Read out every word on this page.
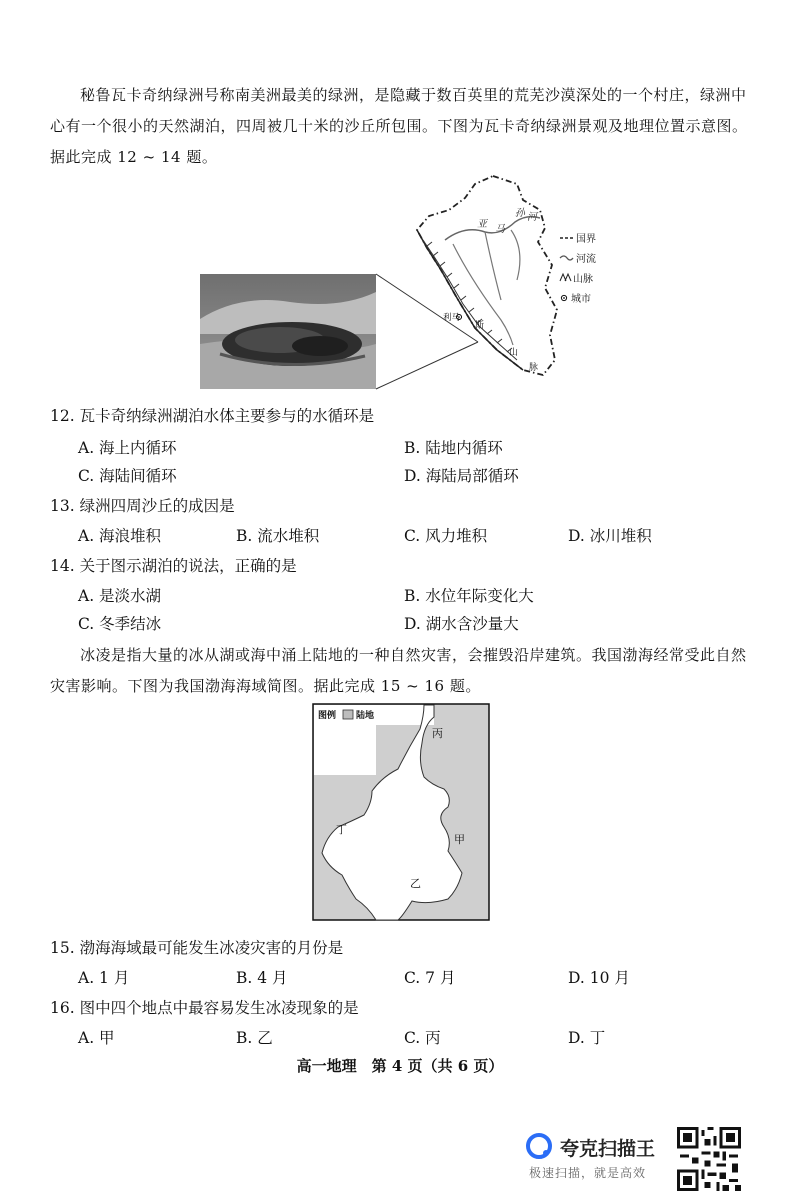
秘鲁瓦卡奇纳绿洲号称南美洲最美的绿洲，是隐藏于数百英里的荒芜沙漠深处的一个村庄，绿洲中心有一个很小的天然湖泊，四周被几十米的沙丘所包围。下图为瓦卡奇纳绿洲景观及地理位置示意图。据此完成 12 ~ 14 题。

亚 马
孙 河
利马
斯
山
脉
国界
河流
山脉
城市

12. 瓦卡奇纳绿洲湖泊水体主要参与的水循环是

A. 海上内循环	B. 陆地内循环

C. 海陆间循环	D. 海陆局部循环

13. 绿洲四周沙丘的成因是

A. 海浪堆积	B. 流水堆积	C. 风力堆积	D. 冰川堆积

14. 关于图示湖泊的说法，正确的是

A. 是淡水湖	B. 水位年际变化大

C. 冬季结冰	D. 湖水含沙量大

冰凌是指大量的冰从湖或海中涌上陆地的一种自然灾害，会摧毁沿岸建筑。我国渤海经常受此自然灾害影响。下图为我国渤海海域简图。据此完成 15 ~ 16 题。

图例 陆地
丙
甲
乙
丁

15. 渤海海域最可能发生冰凌灾害的月份是

A. 1 月	B. 4 月	C. 7 月	D. 10 月

16. 图中四个地点中最容易发生冰凌现象的是

A. 甲	B. 乙	C. 丙	D. 丁

高一地理　第 4 页（共 6 页）
夸克扫描王
极速扫描，就是高效
